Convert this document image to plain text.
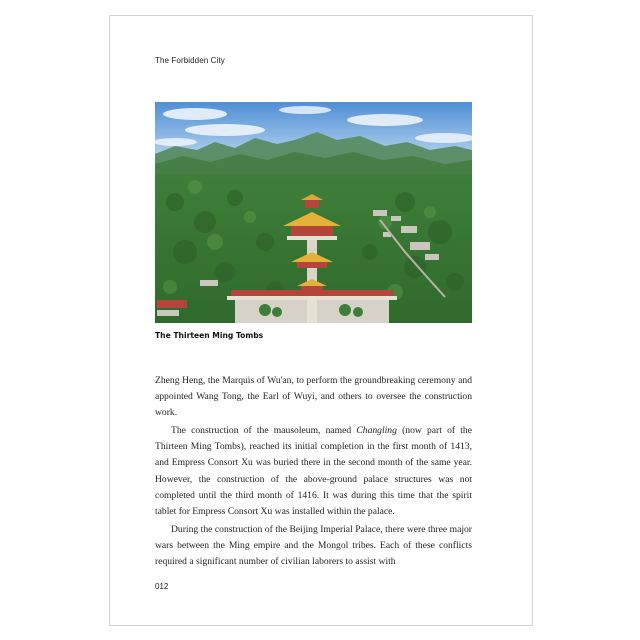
The Forbidden City
The Thirteen Ming Tombs

Zheng Heng, the Marquis of Wu'an, to perform the groundbreaking ceremony and appointed Wang Tong, the Earl of Wuyi, and others to oversee the construction work.

The construction of the mausoleum, named Changling (now part of the Thirteen Ming Tombs), reached its initial completion in the first month of 1413, and Empress Consort Xu was buried there in the second month of the same year. However, the construction of the above-ground palace structures was not completed until the third month of 1416. It was during this time that the spirit tablet for Empress Consort Xu was installed within the palace.

During the construction of the Beijing Imperial Palace, there were three major wars between the Ming empire and the Mongol tribes. Each of these conflicts required a significant number of civilian laborers to assist with

012
